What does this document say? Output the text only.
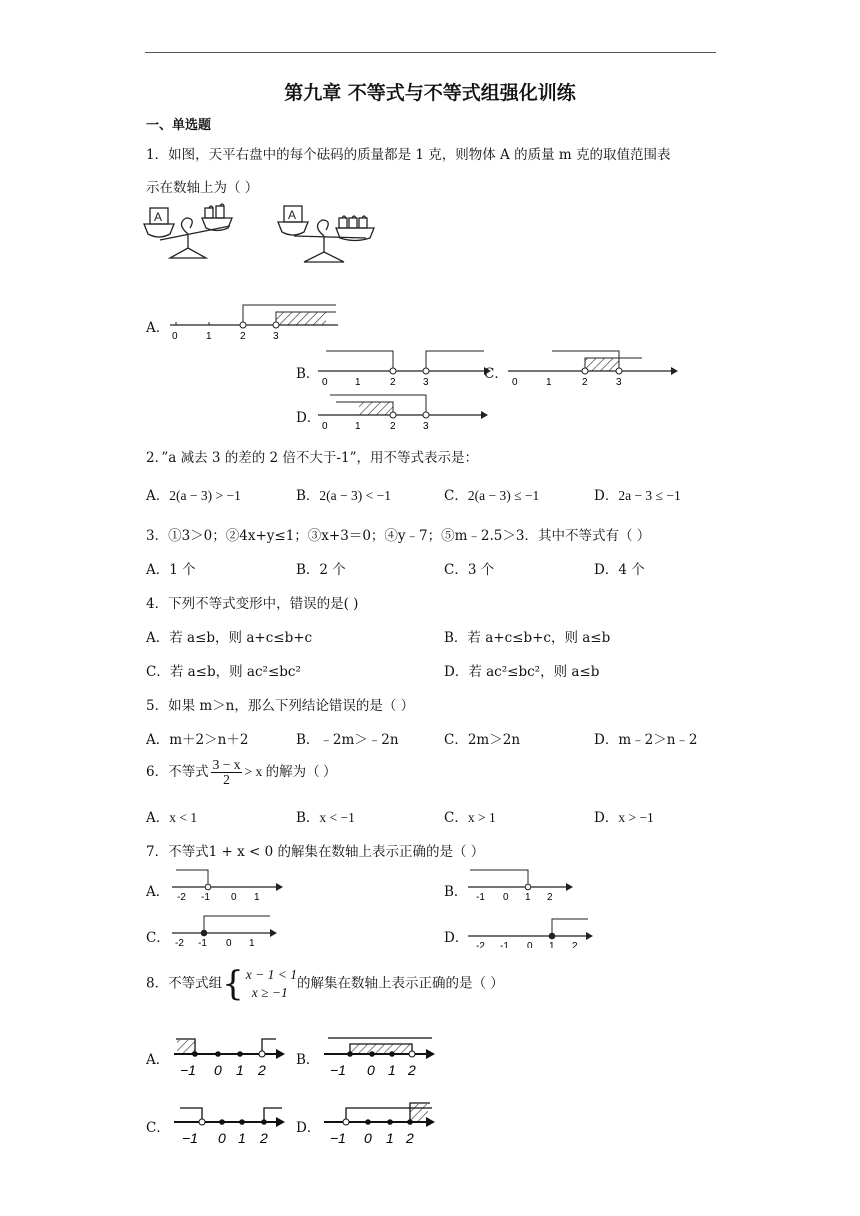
第九章 不等式与不等式组强化训练
一、单选题
1．如图，天平右盘中的每个砝码的质量都是 1 克，则物体 A 的质量 m 克的取值范围表
示在数轴上为（ ）
A	A
A．
0	1	2	3
B．
0	1	2	3
C．
0	1	2	3
D．
0	1	2	3
2．”a 减去 3 的差的 2 倍不大于-1”，用不等式表示是：
A．2(a − 3) > −1	B．2(a − 3) < −1	C．2(a − 3) ≤ −1	D．2a − 3 ≤ −1
3．①3＞0；②4x+y≤1；③x+3＝0；④y﹣7；⑤m﹣2.5＞3．其中不等式有（ ）
A．1 个	B．2 个	C．3 个	D．4 个
4．下列不等式变形中，错误的是( )
A．若 a≤b，则 a+c≤b+c	B．若 a+c≤b+c，则 a≤b
C．若 a≤b，则 ac²≤bc²	D．若 ac²≤bc²，则 a≤b
5．如果 m＞n，那么下列结论错误的是（ ）
A．m＋2＞n＋2	B．﹣2m＞﹣2n	C．2m＞2n	D．m﹣2＞n﹣2
6．不等式 $\frac{3 - x}{2} > x$ 的解为（ ）
A．x < 1	B．x < −1	C．x > 1	D．x > −1
7．不等式1 + x < 0 的解集在数轴上表示正确的是（ ）
A． -2 -1 0 1	B． -1 0 1 2
C． -2 -1 0 1	D．
-2 -1 0 1 2
8．不等式组{ x − 1 < 1
x ≥ −1
的解集在数轴上表示正确的是（ ）
A．
−1 0 1 2
B．
−1 0 1 2
C．
−1 0 1 2
D．
−1 0 1 2
